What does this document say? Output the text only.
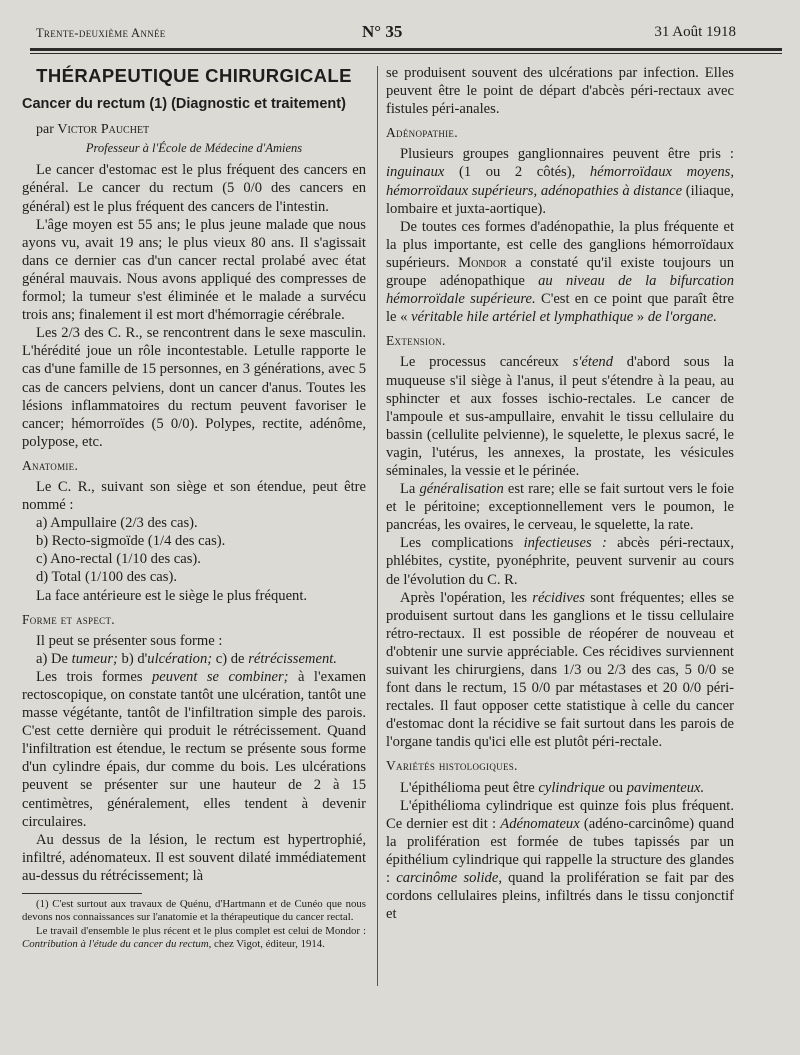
Trente-deuxième Année	N° 35	31 Août 1918
THÉRAPEUTIQUE CHIRURGICALE
Cancer du rectum (1) (Diagnostic et traitement)

par Victor Pauchet

Professeur à l'École de Médecine d'Amiens

Le cancer d'estomac est le plus fréquent des cancers en général. Le cancer du rectum (5 0/0 des cancers en général) est le plus fréquent des cancers de l'intestin.

L'âge moyen est 55 ans; le plus jeune malade que nous ayons vu, avait 19 ans; le plus vieux 80 ans. Il s'agissait dans ce dernier cas d'un cancer rectal prolabé avec état général mauvais. Nous avons appliqué des compresses de formol; la tumeur s'est éliminée et le malade a survécu trois ans; finalement il est mort d'hémorragie cérébrale.

Les 2/3 des C. R., se rencontrent dans le sexe masculin. L'hérédité joue un rôle incontestable. Letulle rapporte le cas d'une famille de 15 personnes, en 3 générations, avec 5 cas de cancers pelviens, dont un cancer d'anus. Toutes les lésions inflammatoires du rectum peuvent favoriser le cancer; hémorroïdes (5 0/0). Polypes, rectite, adénôme, polypose, etc.

Anatomie.

Le C. R., suivant son siège et son étendue, peut être nommé :

a) Ampullaire (2/3 des cas).
b) Recto-sigmoïde (1/4 des cas).
c) Ano-rectal (1/10 des cas).
d) Total (1/100 des cas).

La face antérieure est le siège le plus fréquent.

Forme et aspect.

Il peut se présenter sous forme :

a) De tumeur; b) d'ulcération; c) de rétrécissement.

Les trois formes peuvent se combiner; à l'examen rectoscopique, on constate tantôt une ulcération, tantôt une masse végétante, tantôt de l'infiltration simple des parois. C'est cette dernière qui produit le rétrécissement. Quand l'infiltration est étendue, le rectum se présente sous forme d'un cylindre épais, dur comme du bois. Les ulcérations peuvent se présenter sur une hauteur de 2 à 15 centimètres, généralement, elles tendent à devenir circulaires.

Au dessus de la lésion, le rectum est hypertrophié, infiltré, adénomateux. Il est souvent dilaté immédiatement au-dessus du rétrécissement; là

(1) C'est surtout aux travaux de Quénu, d'Hartmann et de Cunéo que nous devons nos connaissances sur l'anatomie et la thérapeutique du cancer rectal.

Le travail d'ensemble le plus récent et le plus complet est celui de Mondor : Contribution à l'étude du cancer du rectum, chez Vigot, éditeur, 1914.

se produisent souvent des ulcérations par infection. Elles peuvent être le point de départ d'abcès péri-rectaux avec fistules péri-anales.

Adénopathie.

Plusieurs groupes ganglionnaires peuvent être pris : inguinaux (1 ou 2 côtés), hémorroïdaux moyens, hémorroïdaux supérieurs, adénopathies à distance (iliaque, lombaire et juxta-aortique).

De toutes ces formes d'adénopathie, la plus fréquente et la plus importante, est celle des ganglions hémorroïdaux supérieurs. Mondor a constaté qu'il existe toujours un groupe adénopathique au niveau de la bifurcation hémorroïdale supérieure. C'est en ce point que paraît être le « véritable hile artériel et lymphathique » de l'organe.

Extension.

Le processus cancéreux s'étend d'abord sous la muqueuse s'il siège à l'anus, il peut s'étendre à la peau, au sphincter et aux fosses ischio-rectales. Le cancer de l'ampoule et sus-ampullaire, envahit le tissu cellulaire du bassin (cellulite pelvienne), le squelette, le plexus sacré, le vagin, l'utérus, les annexes, la prostate, les vésicules séminales, la vessie et le périnée.

La généralisation est rare; elle se fait surtout vers le foie et le péritoine; exceptionnellement vers le poumon, le pancréas, les ovaires, le cerveau, le squelette, la rate.

Les complications infectieuses : abcès péri-rectaux, phlébites, cystite, pyonéphrite, peuvent survenir au cours de l'évolution du C. R.

Après l'opération, les récidives sont fréquentes; elles se produisent surtout dans les ganglions et le tissu cellulaire rétro-rectaux. Il est possible de réopérer de nouveau et d'obtenir une survie appréciable. Ces récidives surviennent suivant les chirurgiens, dans 1/3 ou 2/3 des cas, 5 0/0 se font dans le rectum, 15 0/0 par métastases et 20 0/0 péri-rectales. Il faut opposer cette statistique à celle du cancer d'estomac dont la récidive se fait surtout dans les parois de l'organe tandis qu'ici elle est plutôt péri-rectale.

Variétés histologiques.

L'épithélioma peut être cylindrique ou pavimenteux.

L'épithélioma cylindrique est quinze fois plus fréquent. Ce dernier est dit : Adénomateux (adéno-carcinôme) quand la prolifération est formée de tubes tapissés par un épithélium cylindrique qui rappelle la structure des glandes : carcinôme solide, quand la prolifération se fait par des cordons cellulaires pleins, infiltrés dans le tissu conjonctif et
